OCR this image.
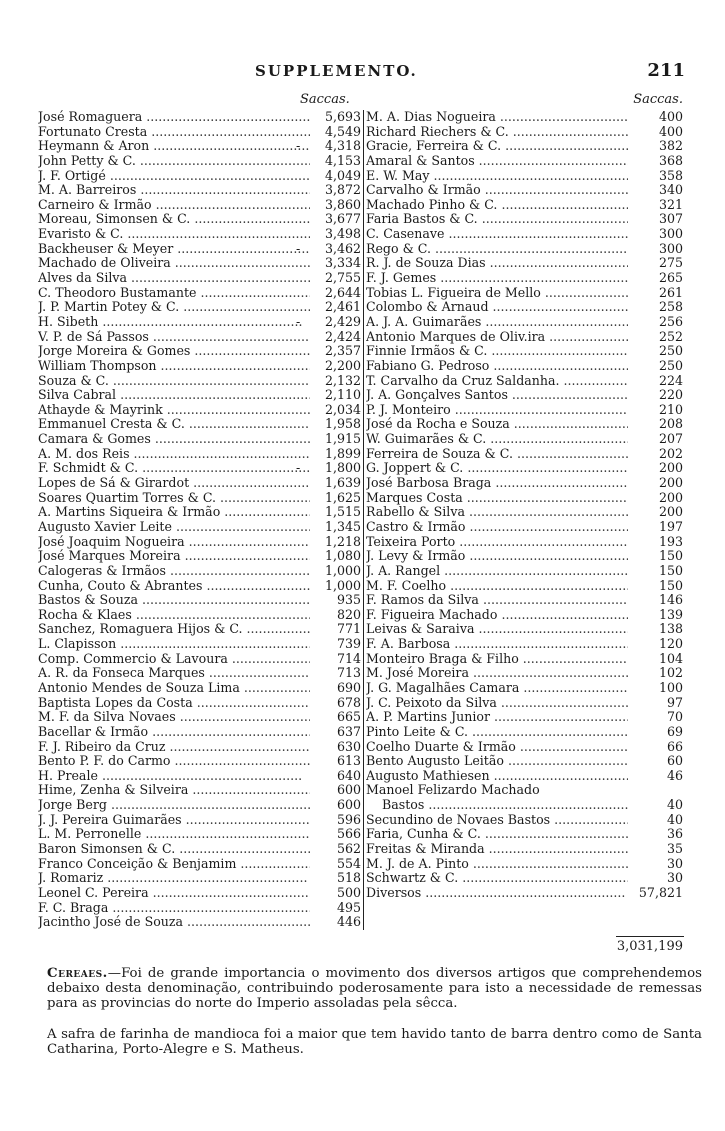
SUPPLEMENTO.	211
Saccas.	Saccas.
José Romaguera .....	5,693
Fortunato Cresta .....	4,549
Heymann & Aron .....	- 4,318
John Petty & C. .....	4,153
J. F. Ortigé .....	4,049
M. A. Barreiros .....	3,872
Carneiro & Irmão .....	3,860
Moreau, Simonsen & C. .....	3,677
Evaristo & C. .....	3,498
Backheuser & Meyer .....	- 3,462
Machado de Oliveira .....	3,334
Alves da Silva .....	2,755
C. Theodoro Bustamante .....	2,644
J. P. Martin Potey & C. .....	2,461
H. Sibeth .....	- 2,429
V. P. de Sá Passos .....	2,424
Jorge Moreira & Gomes .....	2,357
William Thompson .....	2,200
Souza & C. .....	2,132
Silva Cabral .....	2,110
Athayde & Mayrink .....	2,034
Emmanuel Cresta & C. .....	1,958
Camara & Gomes .....	1,915
A. M. dos Reis .....	1,899
F. Schmidt & C. .....	- 1,800
Lopes de Sá & Girardot .....	1,639
Soares Quartim Torres & C. .....	1,625
A. Martins Siqueira & Irmão .....	1,515
Augusto Xavier Leite .....	1,345
José Joaquim Nogueira .....	1,218
José Marques Moreira .....	1,080
Calogeras & Irmãos .....	1,000
Cunha, Couto & Abrantes .....	1,000
Bastos & Souza .....	935
Rocha & Klaes .....	820
Sanchez, Romaguera Hijos & C. .....	771
L. Clapisson .....	739
Comp. Commercio & Lavoura .....	714
A. R. da Fonseca Marques .....	713
Antonio Mendes de Souza Lima .....	690
Baptista Lopes da Costa .....	678
M. F. da Silva Novaes .....	665
Bacellar & Irmão .....	637
F. J. Ribeiro da Cruz .....	630
Bento P. F. do Carmo .....	613
H. Preale .....	640
Hime, Zenha & Silveira .....	600
Jorge Berg .....	600
J. J. Pereira Guimarães .....	596
L. M. Perronelle .....	566
Baron Simonsen & C. .....	562
Franco Conceição & Benjamim .....	554
J. Romariz .....	518
Leonel C. Pereira .....	500
F. C. Braga .....	495
Jacintho José de Souza .....	446
M. A. Dias Nogueira .....	400
Richard Riechers & C. .....	400
Gracie, Ferreira & C. .....	382
Amaral & Santos .....	368
E. W. May .....	358
Carvalho & Irmão .....	340
Machado Pinho & C. .....	321
Faria Bastos & C. .....	307
C. Casenave .....	300
Rego & C. .....	300
R. J. de Souza Dias .....	275
F. J. Gemes .....	265
Tobias L. Figueira de Mello .....	261
Colombo & Arnaud .....	258
A. J. A. Guimarães .....	256
Antonio Marques de Oliv.ira .....	252
Finnie Irmãos & C. .....	250
Fabiano G. Pedroso .....	250
T. Carvalho da Cruz Saldanha. .....	224
J. A. Gonçalves Santos .....	220
P. J. Monteiro .....	210
José da Rocha e Souza .....	208
W. Guimarães & C. .....	207
Ferreira de Souza & C. .....	202
G. Joppert & C. .....	200
José Barbosa Braga .....	200
Marques Costa .....	200
Rabello & Silva .....	200
Castro & Irmão .....	197
Teixeira Porto .....	193
J. Levy & Irmão .....	150
J. A. Rangel .....	150
M. F. Coelho .....	150
F. Ramos da Silva .....	146
F. Figueira Machado .....	139
Leivas & Saraiva .....	138
F. A. Barbosa .....	120
Monteiro Braga & Filho .....	104
M. José Moreira .....	102
J. G. Magalhães Camara .....	100
J. C. Peixoto da Silva .....	97
A. P. Martins Junior .....	70
Pinto Leite & C. .....	69
Coelho Duarte & Irmão .....	66
Bento Augusto Leitão .....	60
Augusto Mathiesen .....	46
Manoel Felizardo Machado
Bastos .....	40
Secundino de Novaes Bastos .....	40
Faria, Cunha & C. .....	36
Freitas & Miranda .....	35
M. J. de A. Pinto .....	30
Schwartz & C. .....	30
Diversos .....	57,821
3,031,199
Cereaes.—Foi de grande importancia o movimento dos diversos artigos que comprehendemos debaixo desta denominação, contribuindo poderosamente para isto a necessidade de remessas para as provincias do norte do Imperio assoladas pela sêcca.
A safra de farinha de mandioca foi a maior que tem havido tanto de barra dentro como de Santa Catharina, Porto-Alegre e S. Matheus.
